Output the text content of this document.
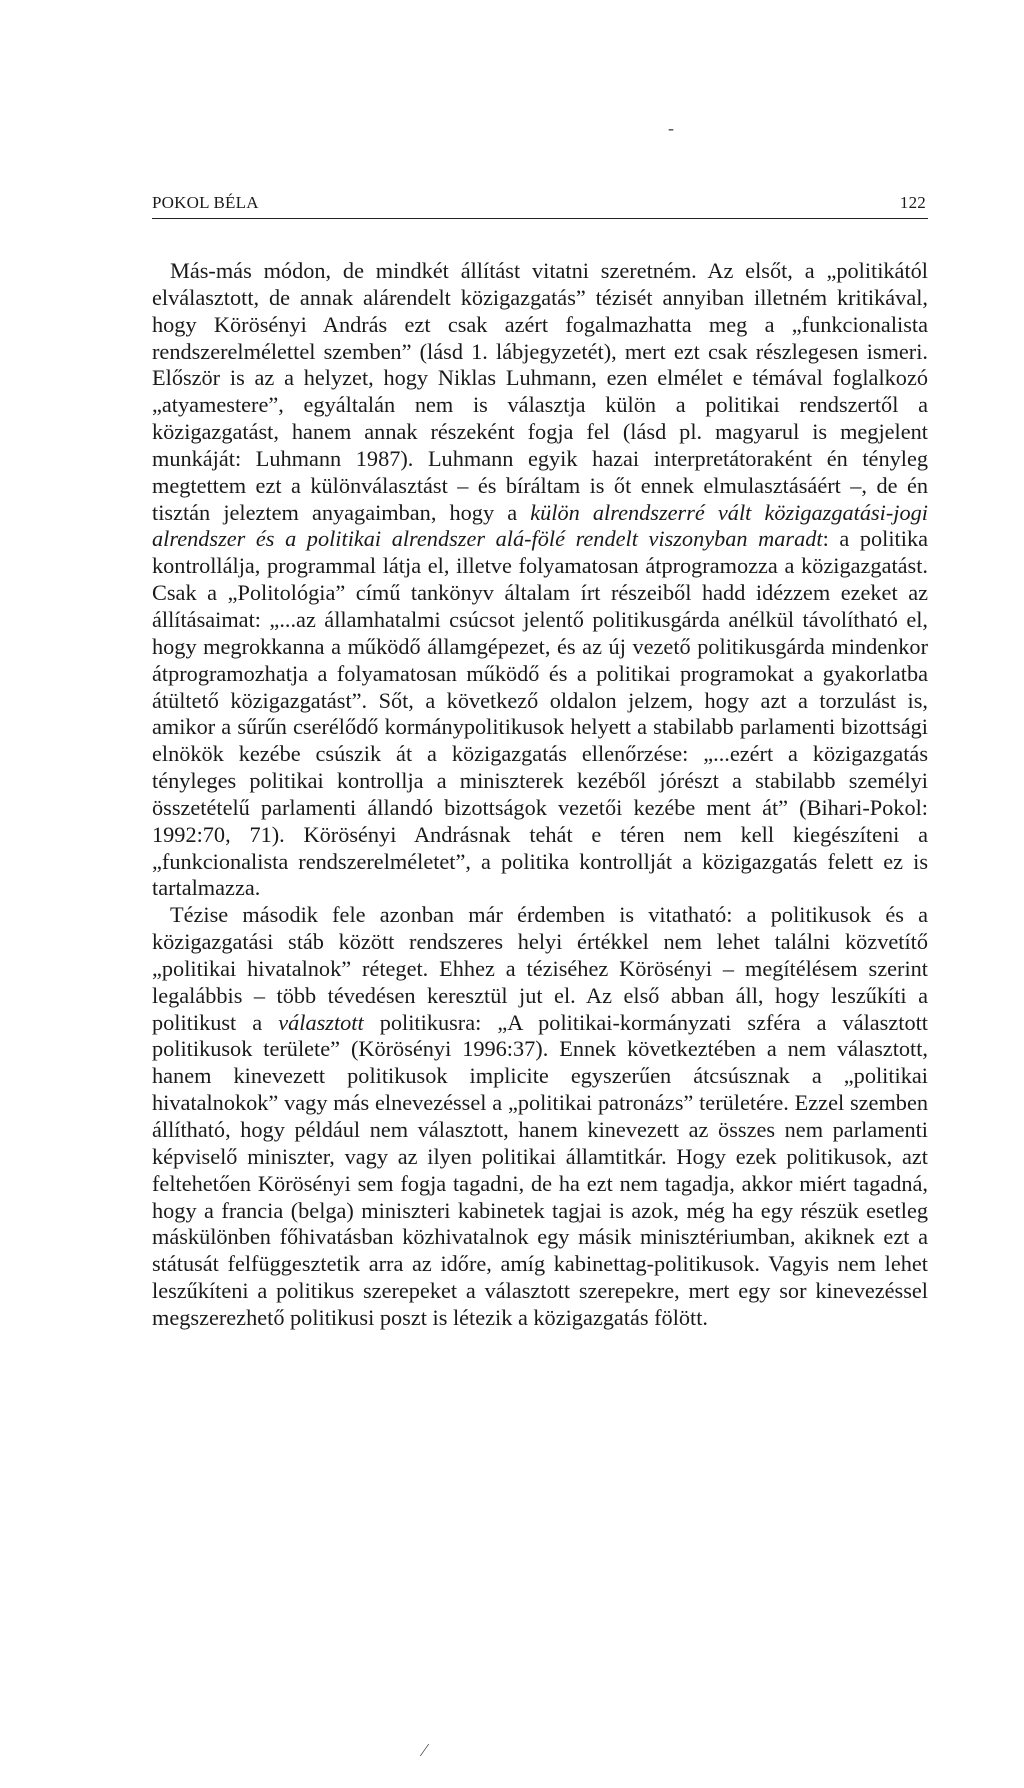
POKOL BÉLA	122

Más-más módon, de mindkét állítást vitatni szeretném. Az elsőt, a „politikától elválasztott, de annak alárendelt közigazgatás” tézisét annyiban illetném kritikával, hogy Körösényi András ezt csak azért fogalmazhatta meg a „funkcionalista rendszerelmélettel szemben” (lásd 1. lábjegyzetét), mert ezt csak részlegesen ismeri. Először is az a helyzet, hogy Niklas Luhmann, ezen elmélet e témával foglalkozó „atyamestere”, egyáltalán nem is választja külön a politikai rendszertől a közigazgatást, hanem annak részeként fogja fel (lásd pl. magyarul is megjelent munkáját: Luhmann 1987). Luhmann egyik hazai interpretátoraként én tényleg megtettem ezt a különválasztást – és bíráltam is őt ennek elmulasztásáért –, de én tisztán jeleztem anyagaimban, hogy a külön alrendszerré vált közigazgatási-jogi alrendszer és a politikai alrendszer alá-fölé rendelt viszonyban maradt: a politika kontrollálja, programmal látja el, illetve folyamatosan átprogramozza a közigazgatást. Csak a „Politológia” című tankönyv általam írt részeiből hadd idézzem ezeket az állításaimat: „...az államhatalmi csúcsot jelentő politikusgárda anélkül távolítható el, hogy megrokkanna a működő államgépezet, és az új vezető politikusgárda mindenkor átprogramozhatja a folyamatosan működő és a politikai programokat a gyakorlatba átültető közigazgatást”. Sőt, a következő oldalon jelzem, hogy azt a torzulást is, amikor a sűrűn cserélődő kormánypolitikusok helyett a stabilabb parlamenti bizottsági elnökök kezébe csúszik át a közigazgatás ellenőrzése: „...ezért a közigazgatás tényleges politikai kontrollja a miniszterek kezéből jórészt a stabilabb személyi összetételű parlamenti állandó bizottságok vezetői kezébe ment át” (Bihari-Pokol: 1992:70, 71). Körösényi Andrásnak tehát e téren nem kell kiegészíteni a „funkcionalista rendszerelméletet”, a politika kontrollját a közigazgatás felett ez is tartalmazza.

Tézise második fele azonban már érdemben is vitatható: a politikusok és a közigazgatási stáb között rendszeres helyi értékkel nem lehet találni közvetítő „politikai hivatalnok” réteget. Ehhez a téziséhez Körösényi – megítélésem szerint legalábbis – több tévedésen keresztül jut el. Az első abban áll, hogy leszűkíti a politikust a választott politikusra: „A politikai-kormányzati szféra a választott politikusok területe” (Körösényi 1996:37). Ennek következtében a nem választott, hanem kinevezett politikusok implicite egyszerűen átcsúsznak a „politikai hivatalnokok” vagy más elnevezéssel a „politikai patronázs” területére. Ezzel szemben állítható, hogy például nem választott, hanem kinevezett az összes nem parlamenti képviselő miniszter, vagy az ilyen politikai államtitkár. Hogy ezek politikusok, azt feltehetően Körösényi sem fogja tagadni, de ha ezt nem tagadja, akkor miért tagadná, hogy a francia (belga) miniszteri kabinetek tagjai is azok, még ha egy részük esetleg máskülönben főhivatásban közhivatalnok egy másik minisztériumban, akiknek ezt a státusát felfüggesztetik arra az időre, amíg kabinettag-politikusok. Vagyis nem lehet leszűkíteni a politikus szerepeket a választott szerepekre, mert egy sor kinevezéssel megszerezhető politikusi poszt is létezik a közigazgatás fölött.

-
⁄
